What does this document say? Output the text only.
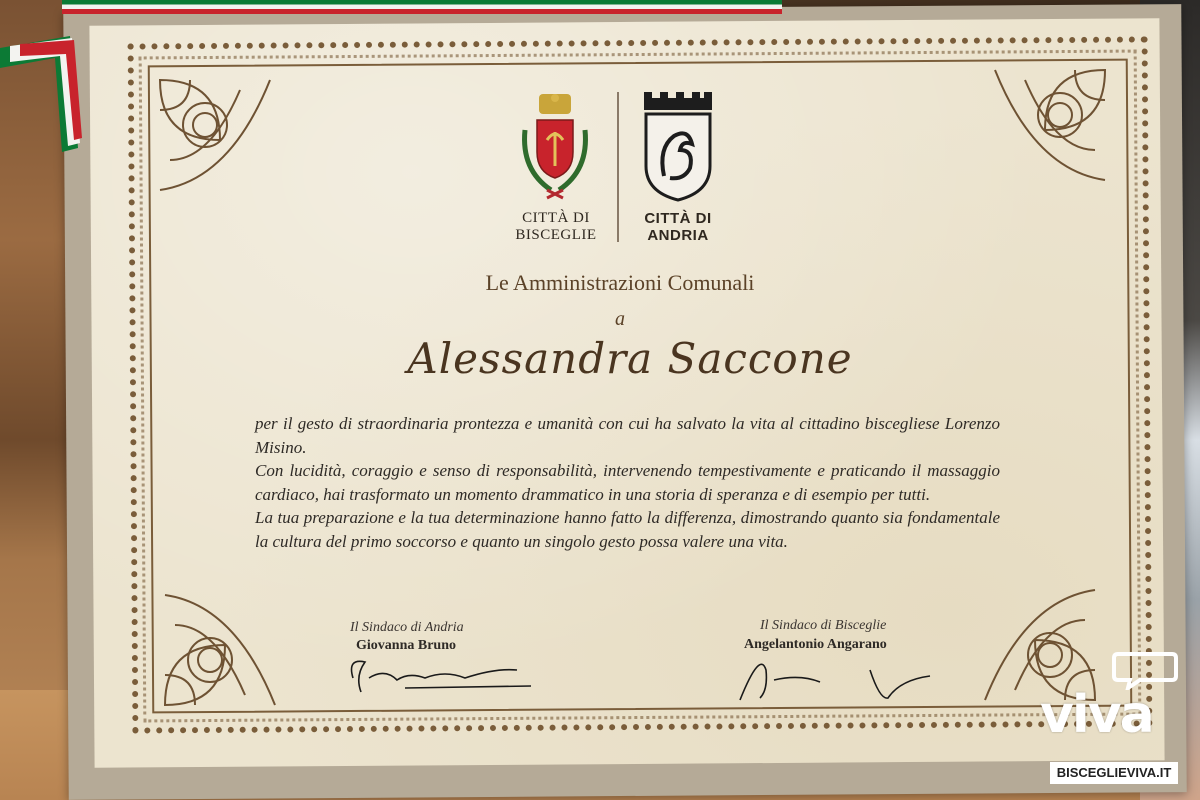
CITTÀ DI
BISCEGLIE
CITTÀ DI
ANDRIA
Le Amministrazioni Comunali
a
Alessandra Saccone

per il gesto di straordinaria prontezza e umanità con cui ha salvato la vita al cittadino biscegliese Lorenzo Misino.

Con lucidità, coraggio e senso di responsabilità, intervenendo tempestivamente e praticando il massaggio cardiaco, hai trasformato un momento drammatico in una storia di speranza e di esempio per tutti.

La tua preparazione e la tua determinazione hanno fatto la differenza, dimostrando quanto sia fondamentale la cultura del primo soccorso e quanto un singolo gesto possa valere una vita.

Il Sindaco di Andria
Giovanna Bruno
Il Sindaco di Bisceglie
Angelantonio Angarano
viva
BISCEGLIEVIVA.IT
